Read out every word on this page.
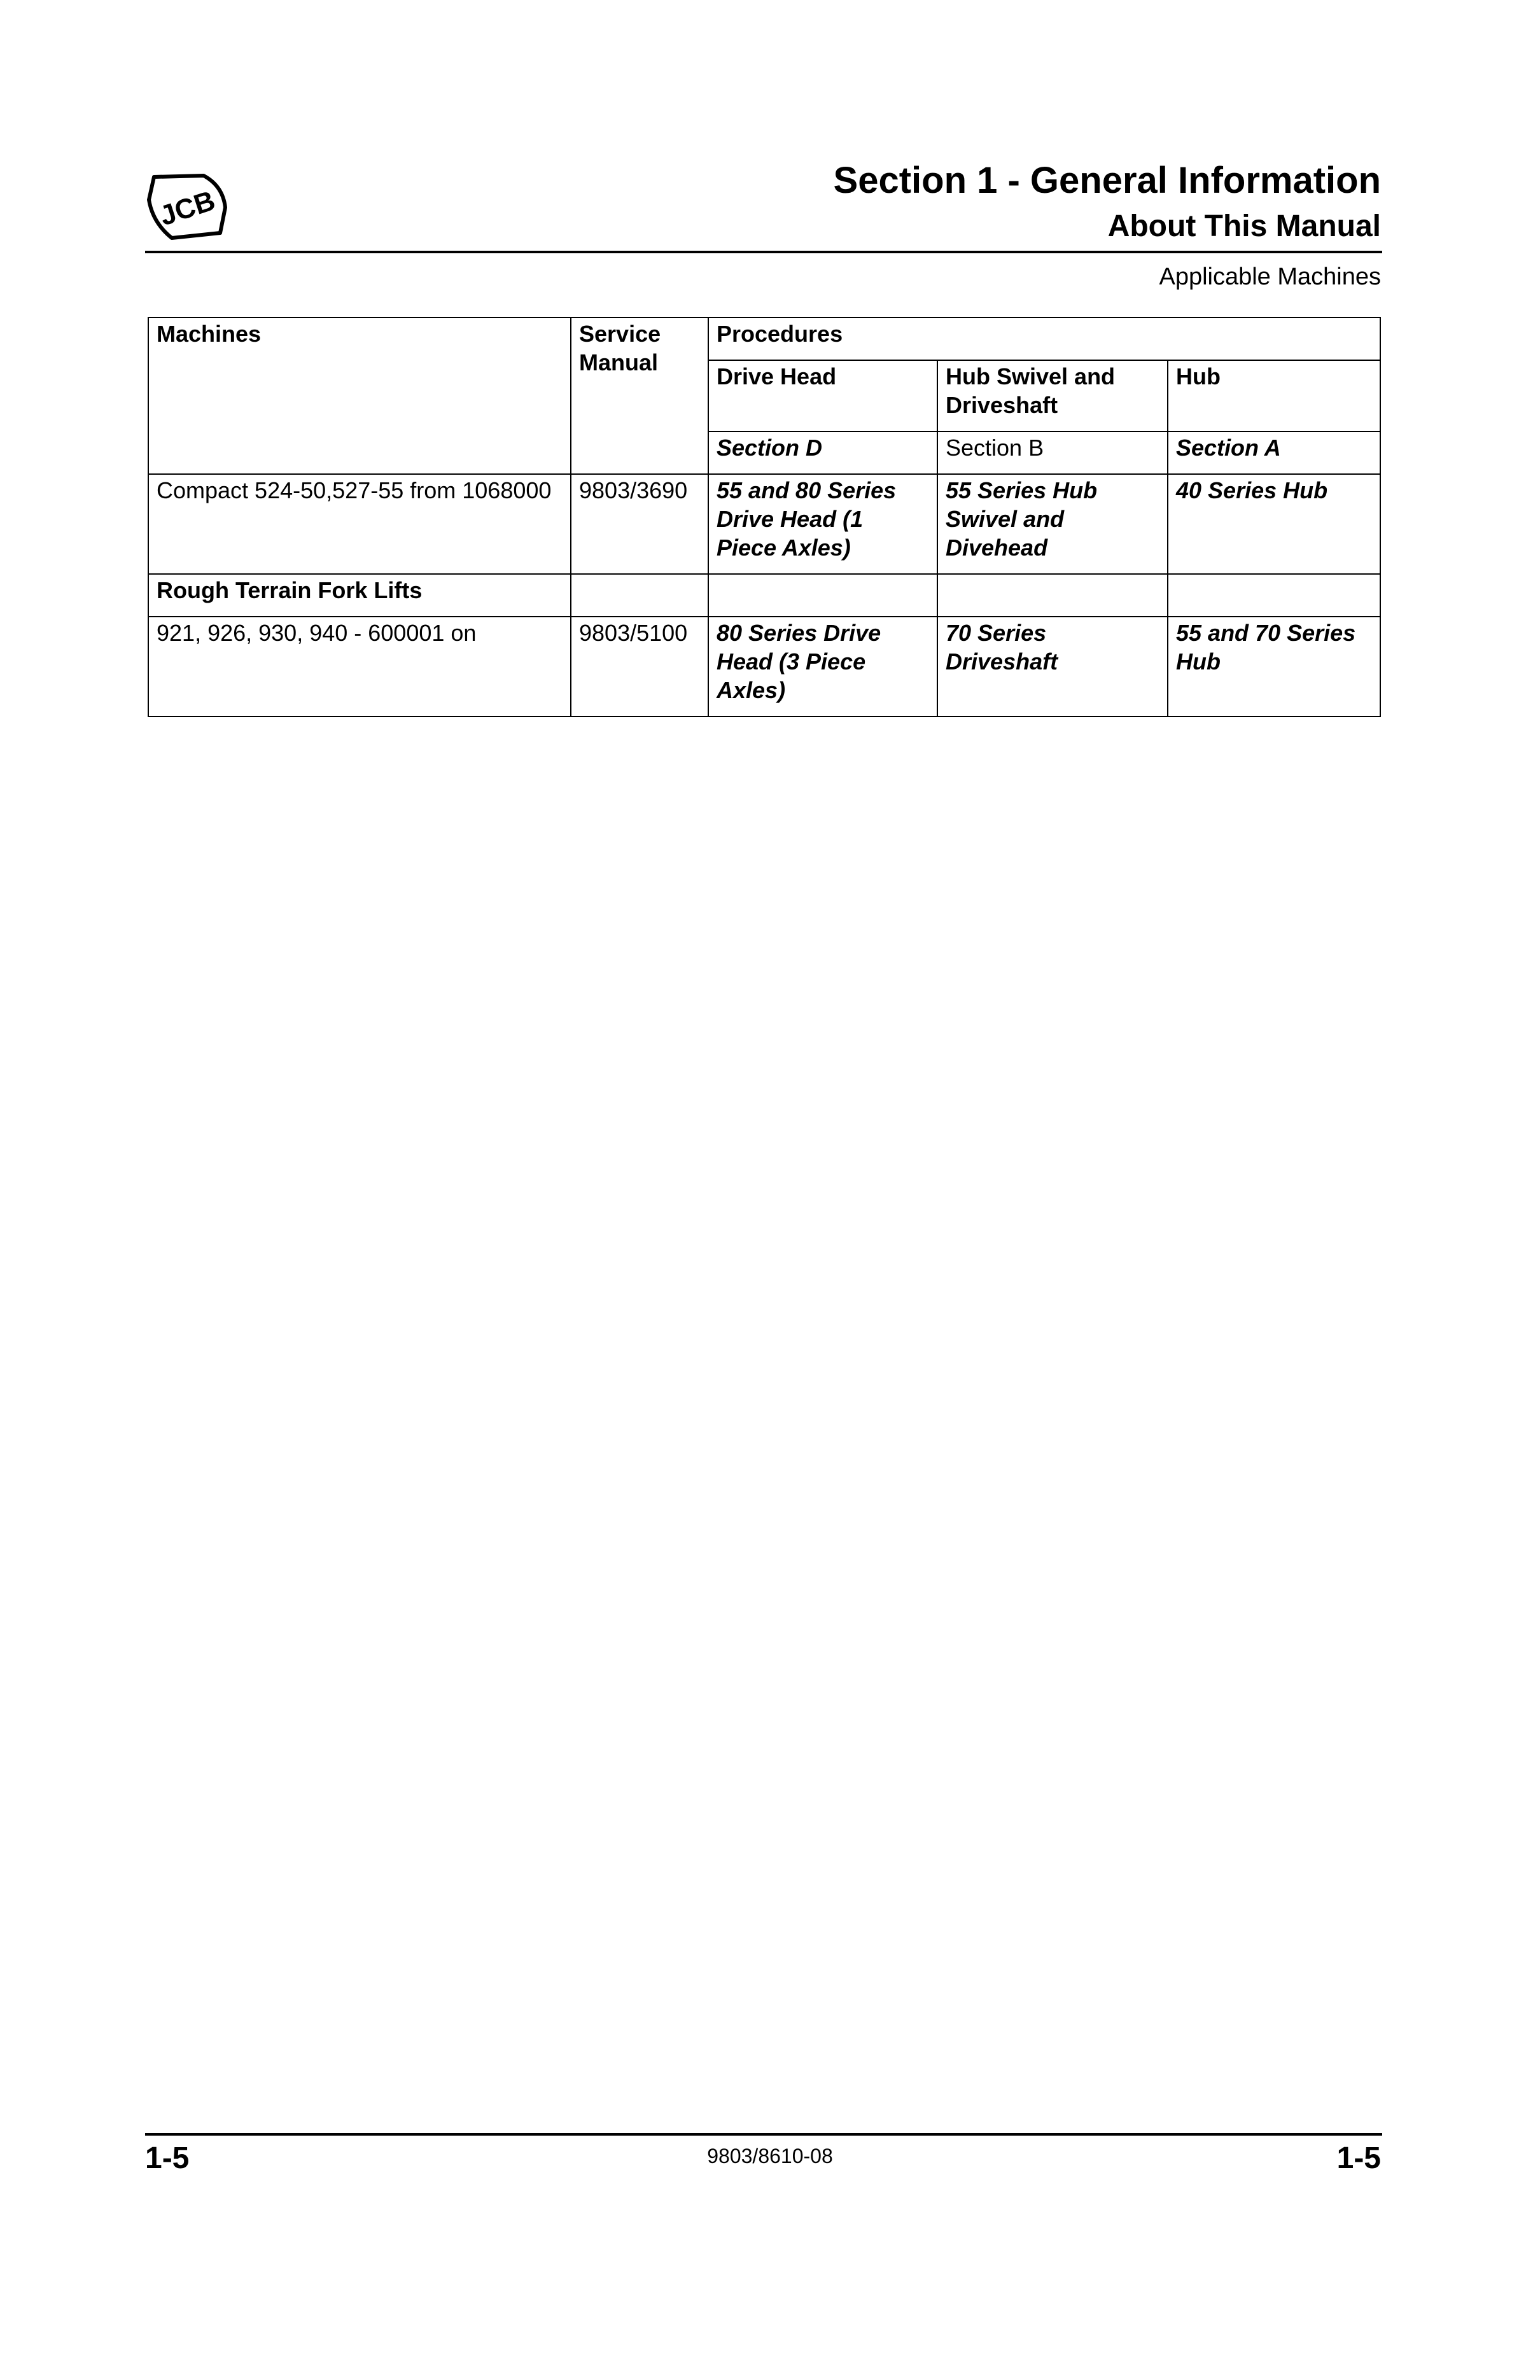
JCB
Section 1 - General Information
About This Manual
Applicable Machines
Machines	Service Manual	Procedures		
		Drive Head	Hub Swivel and Driveshaft	Hub
		Section D	Section B	Section A
Compact 524-50,527-55 from 1068000	9803/3690	55 and 80 Series Drive Head (1 Piece Axles)	55 Series Hub Swivel and Divehead	40 Series Hub
Rough Terrain Fork Lifts				
921, 926, 930, 940 - 600001 on	9803/5100	80 Series Drive Head (3 Piece Axles)	70 Series Driveshaft	55 and 70 Series Hub
1-5	9803/8610-08	1-5
